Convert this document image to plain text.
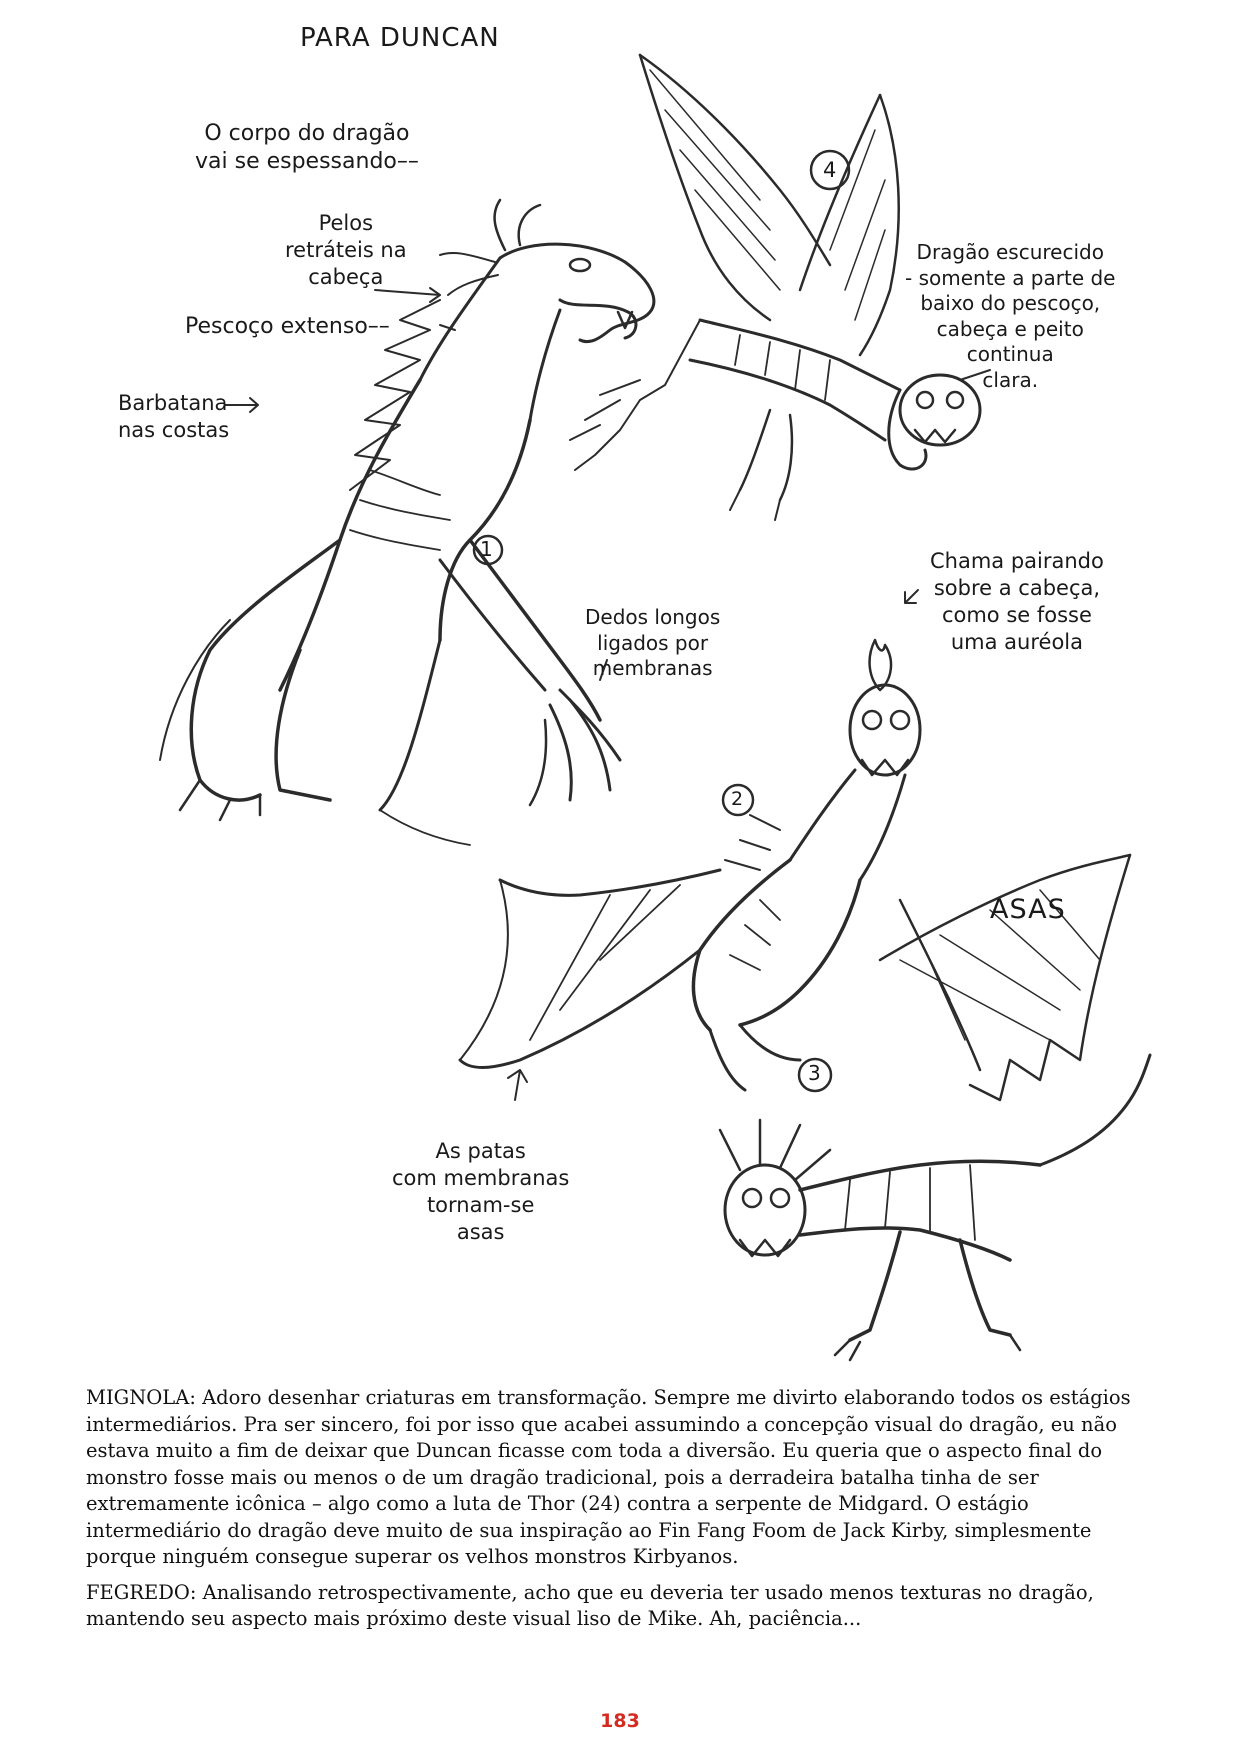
PARA DUNCAN
O corpo do dragão
vai se espessando––
Pelos
retráteis na
cabeça
Pescoço extenso––
Barbatana
nas costas
Dragão escurecido
- somente a parte de
baixo do pescoço,
cabeça e peito
continua
clara.
Chama pairando
sobre a cabeça,
como se fosse
uma auréola
Dedos longos
ligados por
membranas
ASAS
As patas
com membranas
tornam-se
asas
1
2
3
4

MIGNOLA: Adoro desenhar criaturas em transformação. Sempre me divirto elaborando todos os estágios intermediários. Pra ser sincero, foi por isso que acabei assumindo a concepção visual do dragão, eu não estava muito a fim de deixar que Duncan ficasse com toda a diversão. Eu queria que o aspecto final do monstro fosse mais ou menos o de um dragão tradicional, pois a derradeira batalha tinha de ser extremamente icônica – algo como a luta de Thor (24) contra a serpente de Midgard. O estágio intermediário do dragão deve muito de sua inspiração ao Fin Fang Foom de Jack Kirby, simplesmente porque ninguém consegue superar os velhos monstros Kirbyanos.

FEGREDO: Analisando retrospectivamente, acho que eu deveria ter usado menos texturas no dragão, mantendo seu aspecto mais próximo deste visual liso de Mike. Ah, paciência...

183
